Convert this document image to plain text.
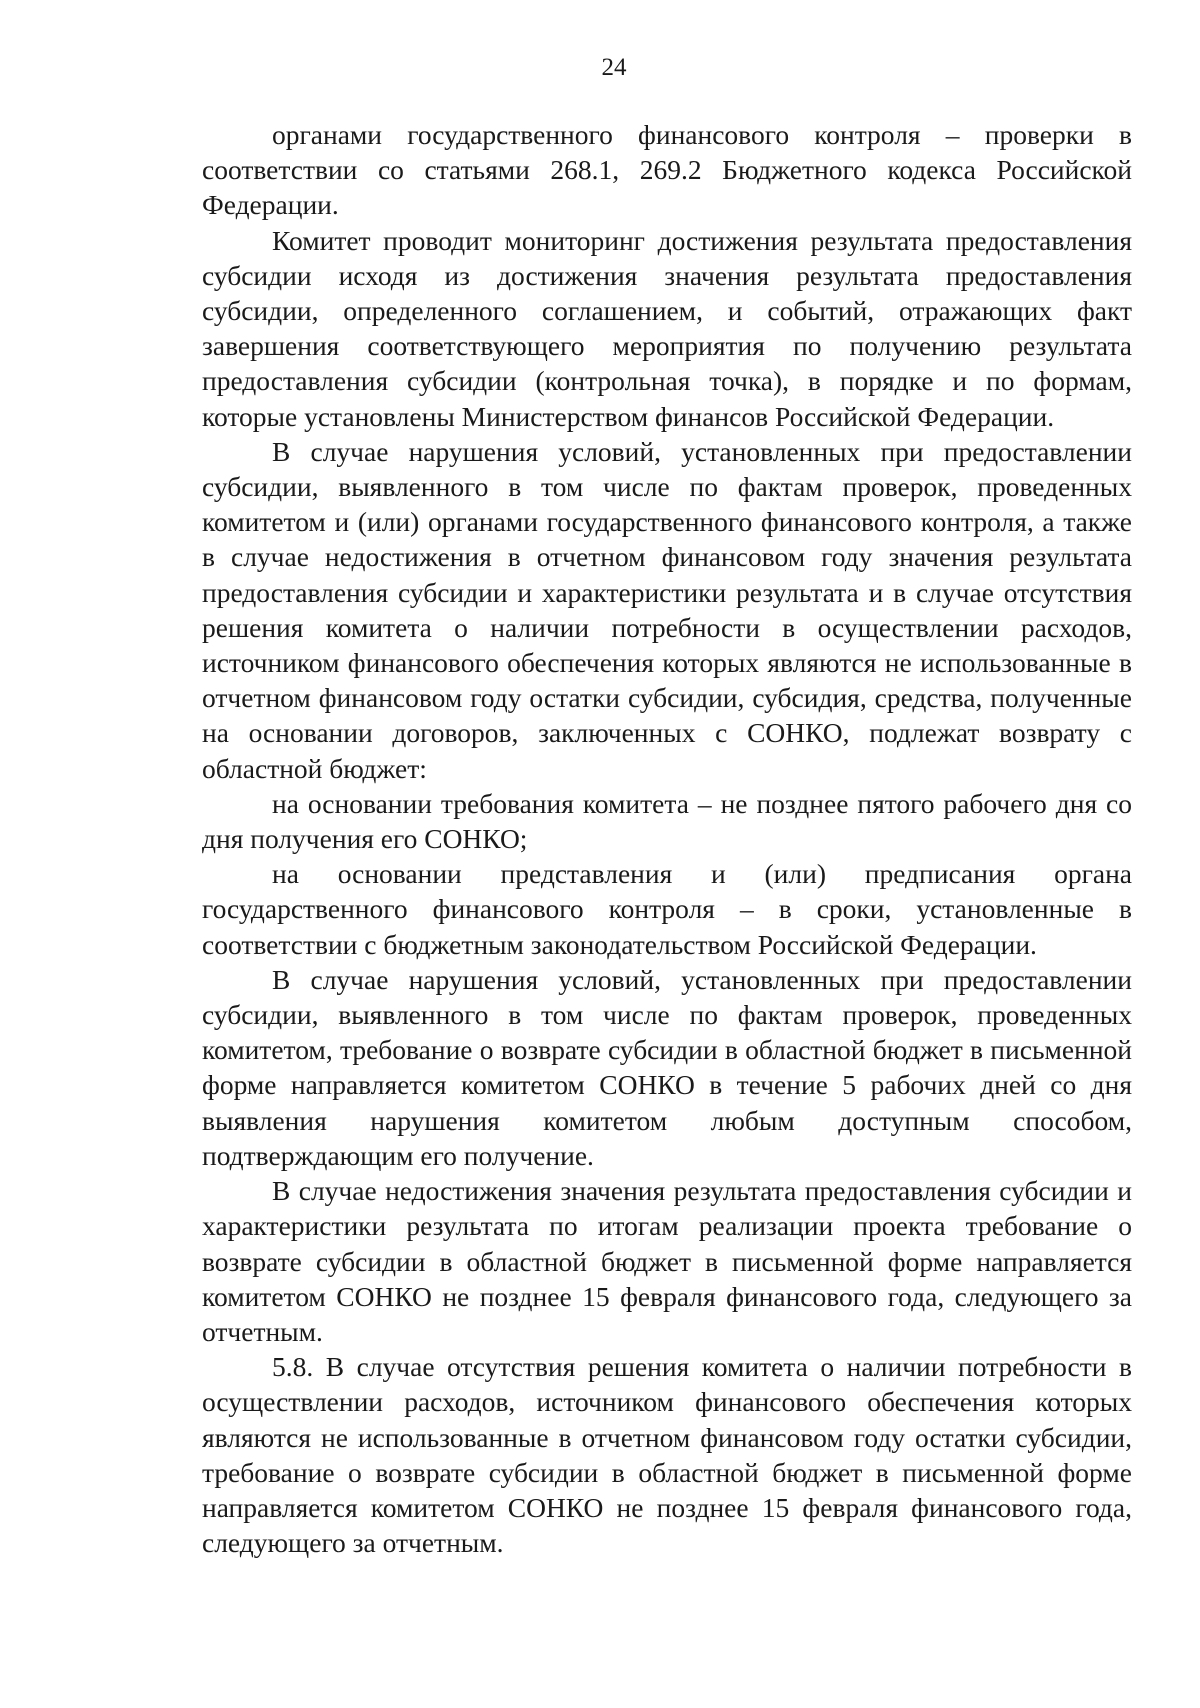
24

органами государственного финансового контроля – проверки в соответствии со статьями 268.1, 269.2 Бюджетного кодекса Российской Федерации.

Комитет проводит мониторинг достижения результата предоставления субсидии исходя из достижения значения результата предоставления субсидии, определенного соглашением, и событий, отражающих факт завершения соответствующего мероприятия по получению результата предоставления субсидии (контрольная точка), в порядке и по формам, которые установлены Министерством финансов Российской Федерации.

В случае нарушения условий, установленных при предоставлении субсидии, выявленного в том числе по фактам проверок, проведенных комитетом и (или) органами государственного финансового контроля, а также в случае недостижения в отчетном финансовом году значения результата предоставления субсидии и характеристики результата и в случае отсутствия решения комитета о наличии потребности в осуществлении расходов, источником финансового обеспечения которых являются не использованные в отчетном финансовом году остатки субсидии, субсидия, средства, полученные на основании договоров, заключенных с СОНКО, подлежат возврату с областной бюджет:

на основании требования комитета – не позднее пятого рабочего дня со дня получения его СОНКО;

на основании представления и (или) предписания органа государственного финансового контроля – в сроки, установленные в соответствии с бюджетным законодательством Российской Федерации.

В случае нарушения условий, установленных при предоставлении субсидии, выявленного в том числе по фактам проверок, проведенных комитетом, требование о возврате субсидии в областной бюджет в письменной форме направляется комитетом СОНКО в течение 5 рабочих дней со дня выявления нарушения комитетом любым доступным способом, подтверждающим его получение.

В случае недостижения значения результата предоставления субсидии и характеристики результата по итогам реализации проекта требование о возврате субсидии в областной бюджет в письменной форме направляется комитетом СОНКО не позднее 15 февраля финансового года, следующего за отчетным.

5.8. В случае отсутствия решения комитета о наличии потребности в осуществлении расходов, источником финансового обеспечения которых являются не использованные в отчетном финансовом году остатки субсидии, требование о возврате субсидии в областной бюджет в письменной форме направляется комитетом СОНКО не позднее 15 февраля финансового года, следующего за отчетным.
